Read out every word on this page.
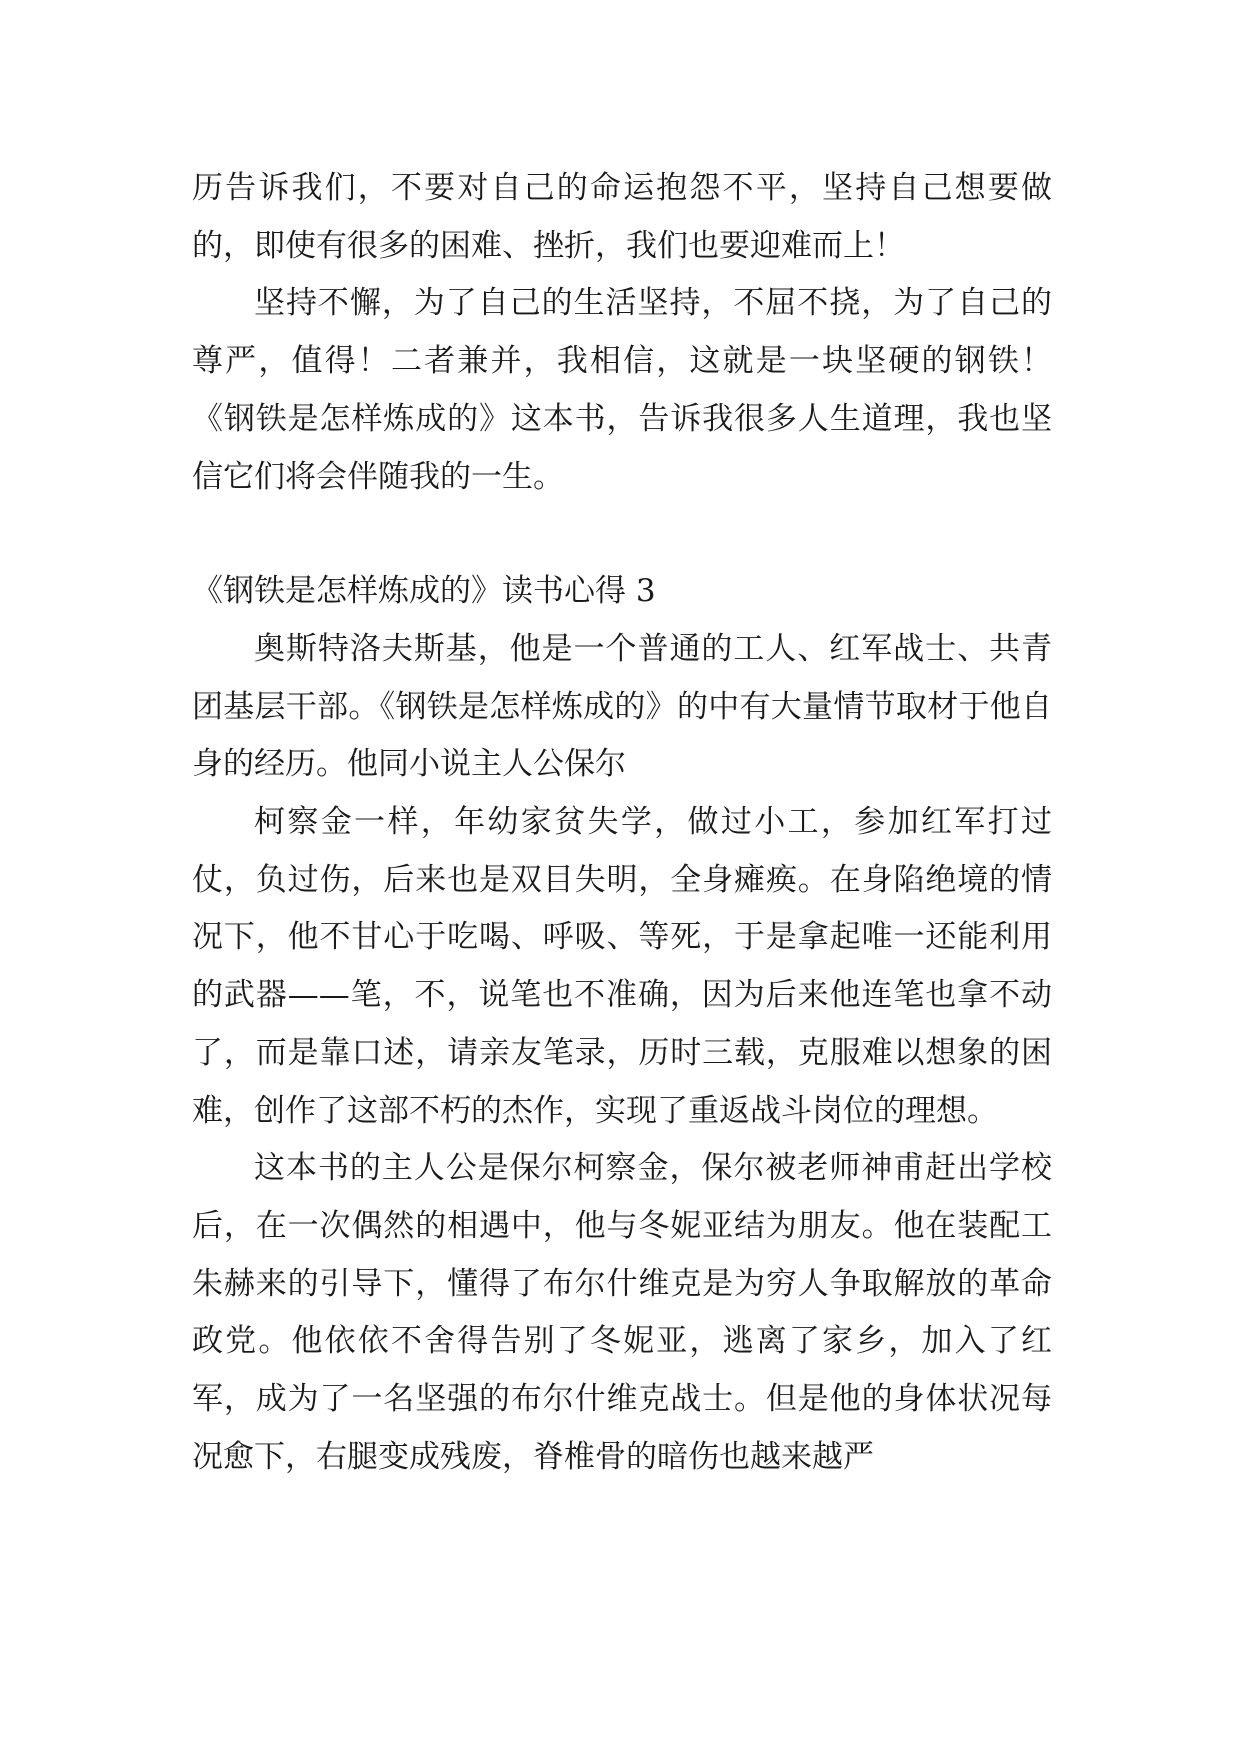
历告诉我们，不要对自己的命运抱怨不平，坚持自己想要做的，即使有很多的困难、挫折，我们也要迎难而上！

坚持不懈，为了自己的生活坚持，不屈不挠，为了自己的尊严，值得！二者兼并，我相信，这就是一块坚硬的钢铁！《钢铁是怎样炼成的》这本书，告诉我很多人生道理，我也坚信它们将会伴随我的一生。

《钢铁是怎样炼成的》读书心得 3

奥斯特洛夫斯基，他是一个普通的工人、红军战士、共青团基层干部。《钢铁是怎样炼成的》的中有大量情节取材于他自身的经历。他同小说主人公保尔

柯察金一样，年幼家贫失学，做过小工，参加红军打过仗，负过伤，后来也是双目失明，全身瘫痪。在身陷绝境的情况下，他不甘心于吃喝、呼吸、等死，于是拿起唯一还能利用的武器——笔，不，说笔也不准确，因为后来他连笔也拿不动了，而是靠口述，请亲友笔录，历时三载，克服难以想象的困难，创作了这部不朽的杰作，实现了重返战斗岗位的理想。

这本书的主人公是保尔柯察金，保尔被老师神甫赶出学校后，在一次偶然的相遇中，他与冬妮亚结为朋友。他在装配工朱赫来的引导下，懂得了布尔什维克是为穷人争取解放的革命政党。他依依不舍得告别了冬妮亚，逃离了家乡，加入了红军，成为了一名坚强的布尔什维克战士。但是他的身体状况每况愈下，右腿变成残废，脊椎骨的暗伤也越来越严
